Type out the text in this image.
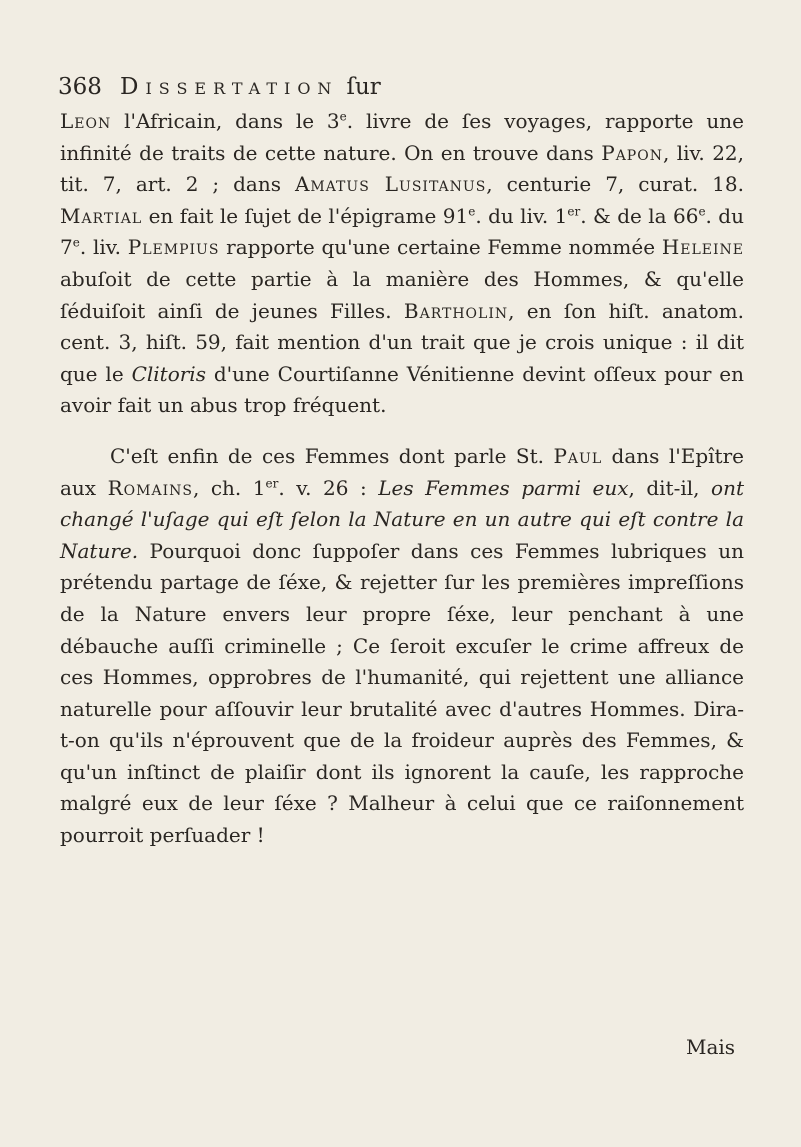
368 Dissertation ſur

Leon l'Africain, dans le 3e. livre de ſes voyages, rapporte une infinité de traits de cette nature. On en trouve dans Papon, liv. 22, tit. 7, art. 2 ; dans Amatus Lusitanus, centurie 7, curat. 18. Martial en fait le ſujet de l'épigrame 91e. du liv. 1er. & de la 66e. du 7e. liv. Plempius rapporte qu'une certaine Femme nommée Heleine abuſoit de cette partie à la manière des Hommes, & qu'elle ſéduiſoit ainſi de jeunes Filles. Bartholin, en ſon hiſt. anatom. cent. 3, hiſt. 59, fait mention d'un trait que je crois unique : il dit que le Clitoris d'une Courtiſanne Vénitienne devint oſſeux pour en avoir fait un abus trop fréquent.

C'eſt enfin de ces Femmes dont parle St. Paul dans l'Epître aux Romains, ch. 1er. v. 26 : Les Femmes parmi eux, dit-il, ont changé l'uſage qui eſt ſelon la Nature en un autre qui eſt contre la Nature. Pourquoi donc ſuppoſer dans ces Femmes lubriques un prétendu partage de ſéxe, & rejetter ſur les premières impreſſions de la Nature envers leur propre ſéxe, leur penchant à une débauche auſſi criminelle ; Ce ſeroit excuſer le crime affreux de ces Hommes, opprobres de l'humanité, qui rejettent une alliance naturelle pour aſſouvir leur brutalité avec d'autres Hommes. Dira-t-on qu'ils n'éprouvent que de la froideur auprès des Femmes, & qu'un inſtinct de plaiſir dont ils ignorent la cauſe, les rapproche malgré eux de leur ſéxe ? Malheur à celui que ce raiſonnement pourroit perſuader !

Mais
